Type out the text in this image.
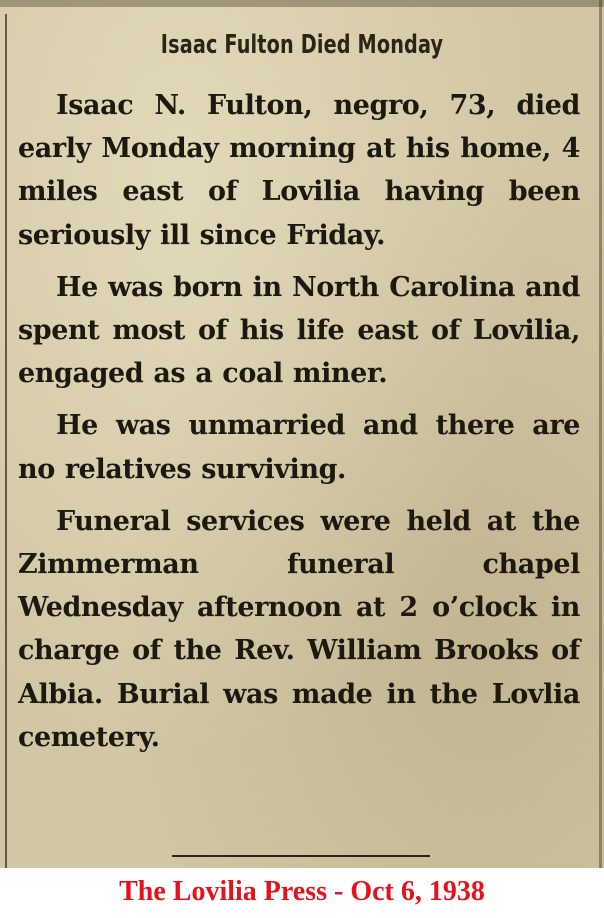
Isaac Fulton Died Monday

Isaac N. Fulton, negro, 73, died early Monday morning at his home, 4 miles east of Lovilia having been seriously ill since Friday.

He was born in North Carolina and spent most of his life east of Lovilia, engaged as a coal miner.

He was unmarried and there are no relatives surviving.

Funeral services were held at the Zimmerman funeral chapel Wednesday afternoon at 2 o’clock in charge of the Rev. William Brooks of Albia. Burial was made in the Lovlia cemetery.

The Lovilia Press - Oct 6, 1938
